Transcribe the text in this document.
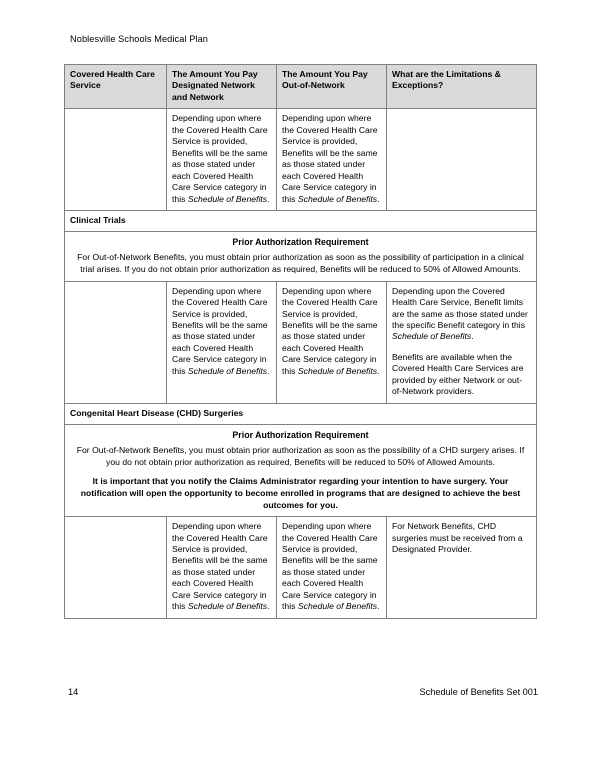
Noblesville Schools Medical Plan
Covered Health Care Service	The Amount You Pay Designated Network and Network	The Amount You Pay Out-of-Network	What are the Limitations & Exceptions?

	Depending upon where the Covered Health Care Service is provided, Benefits will be the same as those stated under each Covered Health Care Service category in this Schedule of Benefits.	Depending upon where the Covered Health Care Service is provided, Benefits will be the same as those stated under each Covered Health Care Service category in this Schedule of Benefits.	

Clinical Trials			

Prior Authorization Requirement
For Out-of-Network Benefits, you must obtain prior authorization as soon as the possibility of participation in a clinical trial arises. If you do not obtain prior authorization as required, Benefits will be reduced to 50% of Allowed Amounts.			

	Depending upon where the Covered Health Care Service is provided, Benefits will be the same as those stated under each Covered Health Care Service category in this Schedule of Benefits.	Depending upon where the Covered Health Care Service is provided, Benefits will be the same as those stated under each Covered Health Care Service category in this Schedule of Benefits.	Depending upon the Covered Health Care Service, Benefit limits are the same as those stated under the specific Benefit category in this Schedule of Benefits.

Benefits are available when the Covered Health Care Services are provided by either Network or out-of-Network providers.

Congenital Heart Disease (CHD) Surgeries			

Prior Authorization Requirement
For Out-of-Network Benefits, you must obtain prior authorization as soon as the possibility of a CHD surgery arises. If you do not obtain prior authorization as required, Benefits will be reduced to 50% of Allowed Amounts.
It is important that you notify the Claims Administrator regarding your intention to have surgery. Your notification will open the opportunity to become enrolled in programs that are designed to achieve the best outcomes for you.			

	Depending upon where the Covered Health Care Service is provided, Benefits will be the same as those stated under each Covered Health Care Service category in this Schedule of Benefits.	Depending upon where the Covered Health Care Service is provided, Benefits will be the same as those stated under each Covered Health Care Service category in this Schedule of Benefits.	For Network Benefits, CHD surgeries must be received from a Designated Provider.

14	Schedule of Benefits Set 001
